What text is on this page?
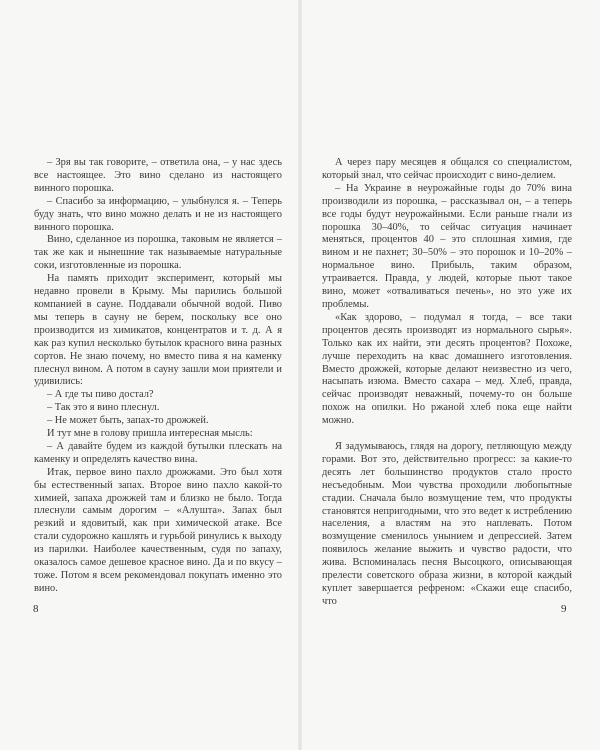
– Зря вы так говорите, – ответила она, – у нас здесь все настоящее. Это вино сделано из настоящего винного порошка.

– Спасибо за информацию, – улыбнулся я. – Теперь буду знать, что вино можно делать и не из настоящего винного порошка.

Вино, сделанное из порошка, таковым не является – так же как и нынешние так называемые натуральные соки, изготовленные из порошка.

На память приходит эксперимент, который мы недавно провели в Крыму. Мы парились большой компанией в сауне. Поддавали обычной водой. Пиво мы теперь в сауну не берем, поскольку все оно производится из химикатов, концентратов и т. д. А я как раз купил несколько бутылок красного вина разных сортов. Не знаю почему, но вместо пива я на каменку плеснул вином. А потом в сауну зашли мои приятели и удивились:

– А где ты пиво достал?

– Так это я вино плеснул.

– Не может быть, запах-то дрожжей.

И тут мне в голову пришла интересная мысль:

– А давайте будем из каждой бутылки плескать на каменку и определять качество вина.

Итак, первое вино пахло дрожжами. Это был хотя бы естественный запах. Второе вино пахло какой-то химией, запаха дрожжей там и близко не было. Тогда плеснули самым дорогим – «Алушта». Запах был резкий и ядовитый, как при химической атаке. Все стали судорожно кашлять и гурьбой ринулись к выходу из парилки. Наиболее качественным, судя по запаху, оказалось самое дешевое красное вино. Да и по вкусу – тоже. Потом я всем рекомендовал покупать именно это вино.

А через пару месяцев я общался со специалистом, который знал, что сейчас происходит с вино-делием.

– На Украине в неурожайные годы до 70% вина производили из порошка, – рассказывал он, – а теперь все годы будут неурожайными. Если раньше гнали из порошка 30–40%, то сейчас ситуация начинает меняться, процентов 40 – это сплошная химия, где вином и не пахнет; 30–50% – это порошок и 10–20% – нормальное вино. Прибыль, таким образом, утраивается. Правда, у людей, которые пьют такое вино, может «отваливаться печень», но это уже их проблемы.

«Как здорово, – подумал я тогда, – все таки процентов десять производят из нормального сырья». Только как их найти, эти десять процентов? Похоже, лучше переходить на квас домашнего изготовления. Вместо дрожжей, которые делают неизвестно из чего, насыпать изюма. Вместо сахара – мед. Хлеб, правда, сейчас производят неважный, почему-то он больше похож на опилки. Но ржаной хлеб пока еще найти можно.

Я задумываюсь, глядя на дорогу, петляющую между горами. Вот это, действительно прогресс: за какие-то десять лет большинство продуктов стало просто несъедобным. Мои чувства проходили любопытные стадии. Сначала было возмущение тем, что продукты становятся непригодными, что это ведет к истреблению населения, а властям на это наплевать. Потом возмущение сменилось унынием и депрессией. Затем появилось желание выжить и чувство радости, что жива. Вспоминалась песня Высоцкого, описывающая прелести советского образа жизни, в которой каждый куплет завершается рефреном: «Скажи еще спасибо, что

8	9
